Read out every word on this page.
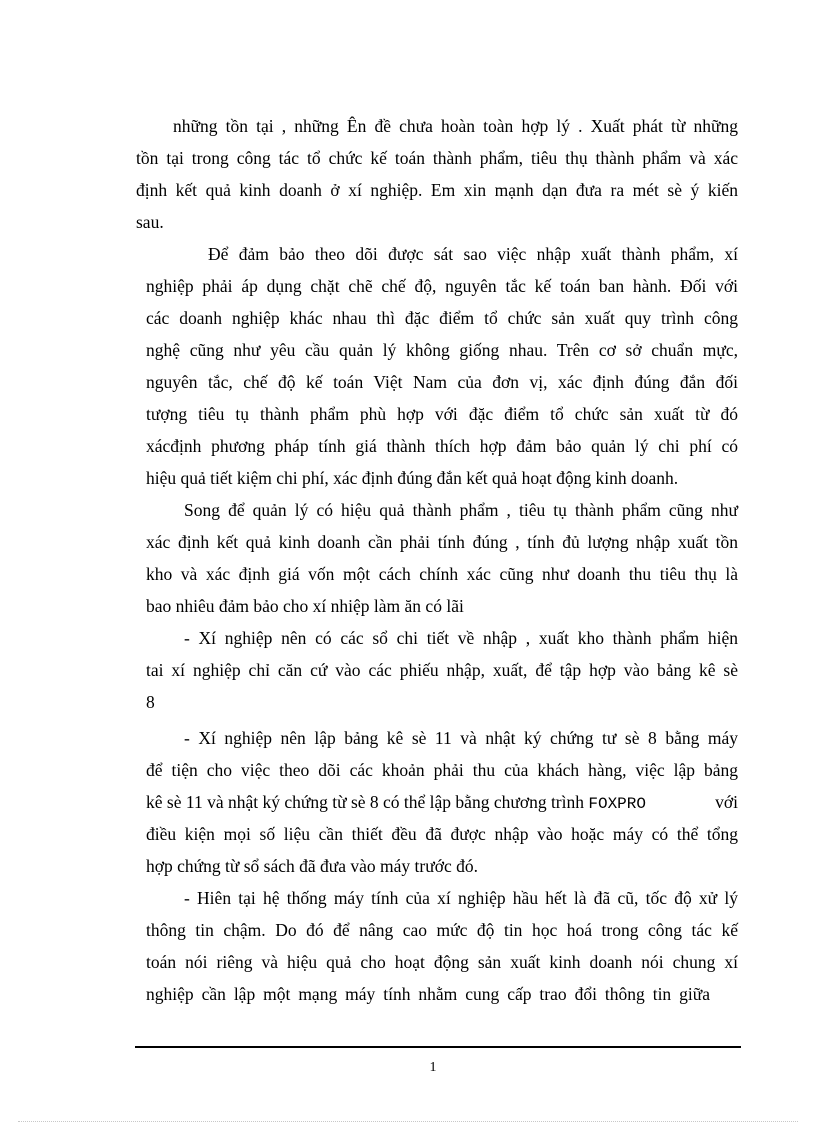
những tồn tại , những Ên đề chưa hoàn toàn hợp lý . Xuất phát từ những
tồn tại trong công tác tổ chức kế toán thành phẩm, tiêu thụ thành phẩm và xác
định kết quả kinh doanh ở xí nghiệp. Em xin mạnh dạn đưa ra mét sè ý kiến
sau.
Để đảm bảo theo dõi được sát sao việc nhập xuất thành phẩm, xí
nghiệp phải áp dụng chặt chẽ chế độ, nguyên tắc kế toán ban hành. Đối với
các doanh nghiệp khác nhau thì đặc điểm tổ chức sản xuất quy trình công
nghệ cũng như yêu cầu quản lý không giống nhau. Trên cơ sở chuẩn mực,
nguyên tắc, chế độ kế toán Việt Nam của đơn vị, xác định đúng đắn đối
tượng tiêu tụ thành phẩm phù hợp với đặc điểm tổ chức sản xuất từ đó
xácđịnh phương pháp tính giá thành thích hợp đảm bảo quản lý chi phí có
hiệu quả tiết kiệm chi phí, xác định đúng đắn kết quả hoạt động kinh doanh.
Song để quản lý có hiệu quả thành phẩm , tiêu tụ thành phẩm cũng như
xác định kết quả kinh doanh cần phải tính đúng , tính đủ lượng nhập xuất tồn
kho và xác định giá vốn một cách chính xác cũng như doanh thu tiêu thụ là
bao nhiêu đảm bảo cho xí nhiệp làm ăn có lãi
- Xí nghiệp nên có các sổ chi tiết về nhập , xuất kho thành phẩm hiện
tai xí nghiệp chỉ căn cứ vào các phiếu nhập, xuất, để tập hợp vào bảng kê sè
8
- Xí nghiệp nên lập bảng kê sè 11 và nhật ký chứng tư sè 8 bằng máy
để tiện cho việc theo dõi các khoản phải thu của khách hàng, việc lập bảng
kê sè 11 và nhật ký chứng từ sè 8 có thể lập bằng chương trình FOXPRO	với
điều kiện mọi số liệu cần thiết đều đã được nhập vào hoặc máy có thể tổng
hợp chứng từ sổ sách đã đưa vào máy trước đó.
- Hiên tại hệ thống máy tính của xí nghiệp hầu hết là đã cũ, tốc độ xử lý
thông tin chậm. Do đó để nâng cao mức độ tin học hoá trong công tác kế
toán nói riêng và hiệu quả cho hoạt động sản xuất kinh doanh nói chung xí
nghiệp cần lập một mạng máy tính nhằm cung cấp trao đổi thông tin giữa
1
